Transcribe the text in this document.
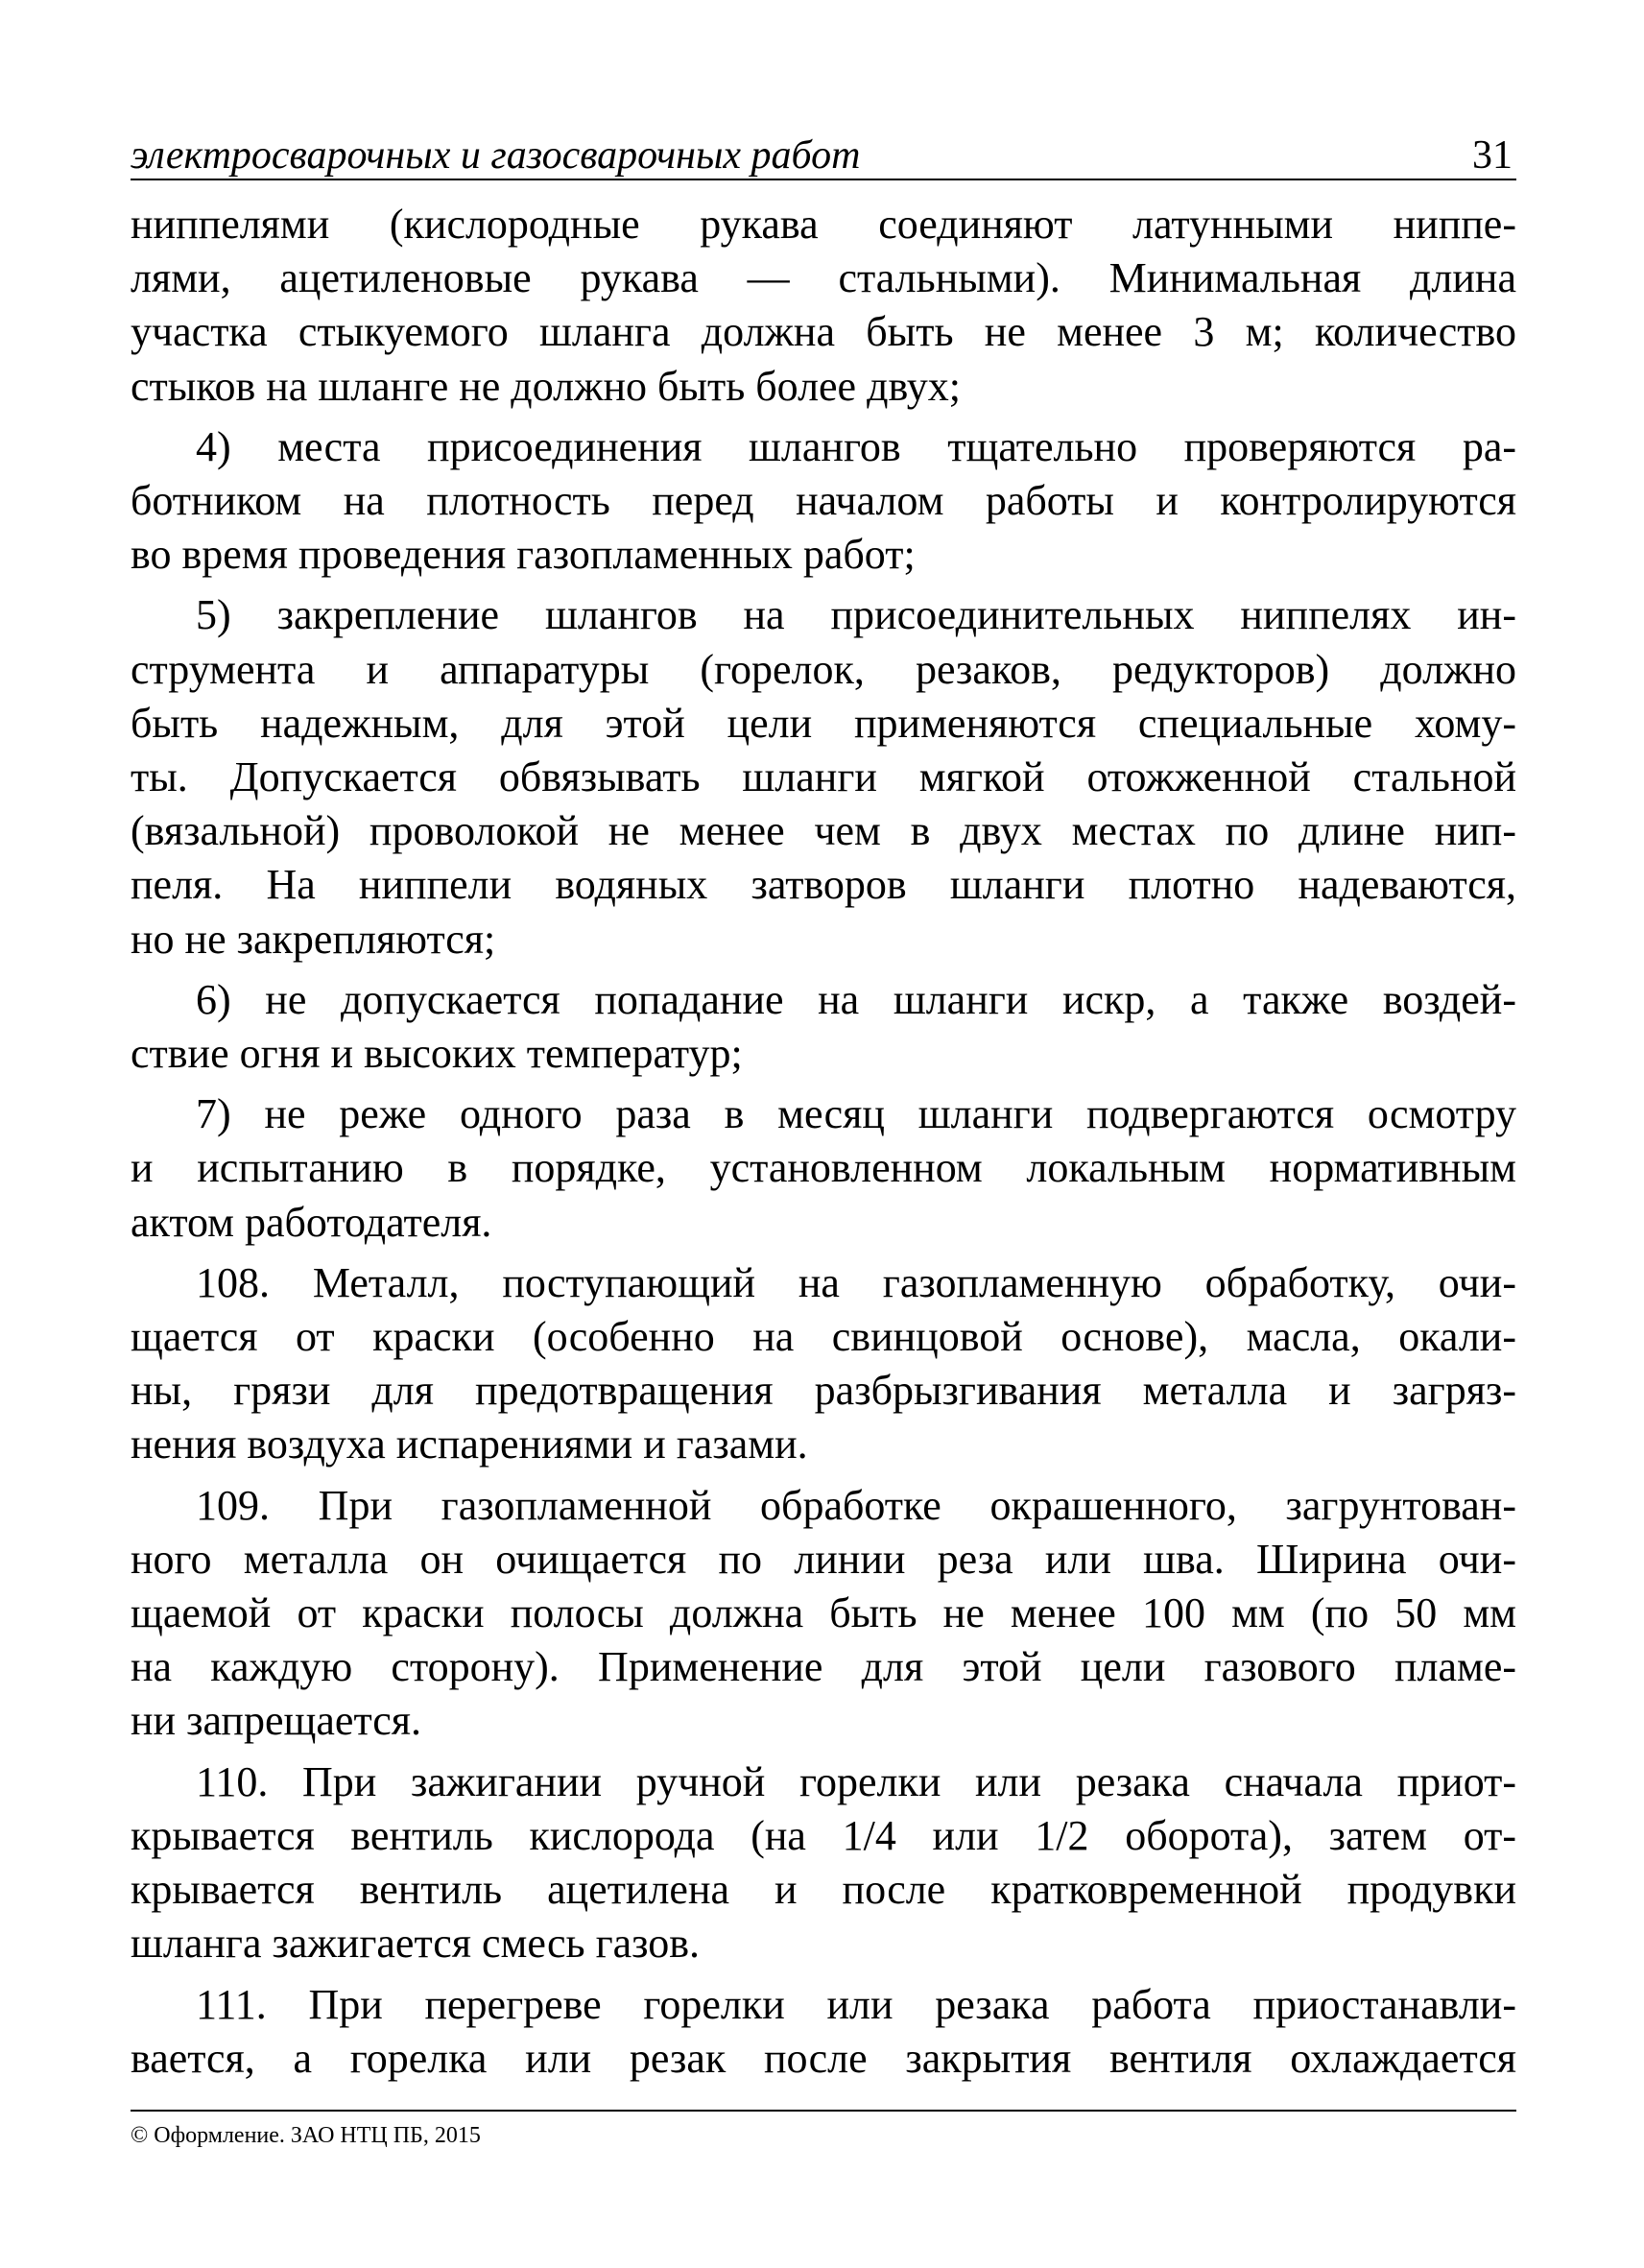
электросварочных и газосварочных работ	31

ниппелями (кислородные рукава соединяют латунными ниппе-
лями, ацетиленовые рукава — стальными). Минимальная длина
участка стыкуемого шланга должна быть не менее 3 м; количество
стыков на шланге не должно быть более двух;

4) места присоединения шлангов тщательно проверяются ра-
ботником на плотность перед началом работы и контролируются
во время проведения газопламенных работ;

5) закрепление шлангов на присоединительных ниппелях ин-
струмента и аппаратуры (горелок, резаков, редукторов) должно
быть надежным, для этой цели применяются специальные хому-
ты. Допускается обвязывать шланги мягкой отожженной стальной
(вязальной) проволокой не менее чем в двух местах по длине нип-
пеля. На ниппели водяных затворов шланги плотно надеваются,
но не закрепляются;

6) не допускается попадание на шланги искр, а также воздей-
ствие огня и высоких температур;

7) не реже одного раза в месяц шланги подвергаются осмотру
и испытанию в порядке, установленном локальным нормативным
актом работодателя.

108. Металл, поступающий на газопламенную обработку, очи-
щается от краски (особенно на свинцовой основе), масла, окали-
ны, грязи для предотвращения разбрызгивания металла и загряз-
нения воздуха испарениями и газами.

109. При газопламенной обработке окрашенного, загрунтован-
ного металла он очищается по линии реза или шва. Ширина очи-
щаемой от краски полосы должна быть не менее 100 мм (по 50 мм
на каждую сторону). Применение для этой цели газового пламе-
ни запрещается.

110. При зажигании ручной горелки или резака сначала приот-
крывается вентиль кислорода (на 1/4 или 1/2 оборота), затем от-
крывается вентиль ацетилена и после кратковременной продувки
шланга зажигается смесь газов.

111. При перегреве горелки или резака работа приостанавли-
вается, а горелка или резак после закрытия вентиля охлаждается

© Оформление. ЗАО НТЦ ПБ, 2015
